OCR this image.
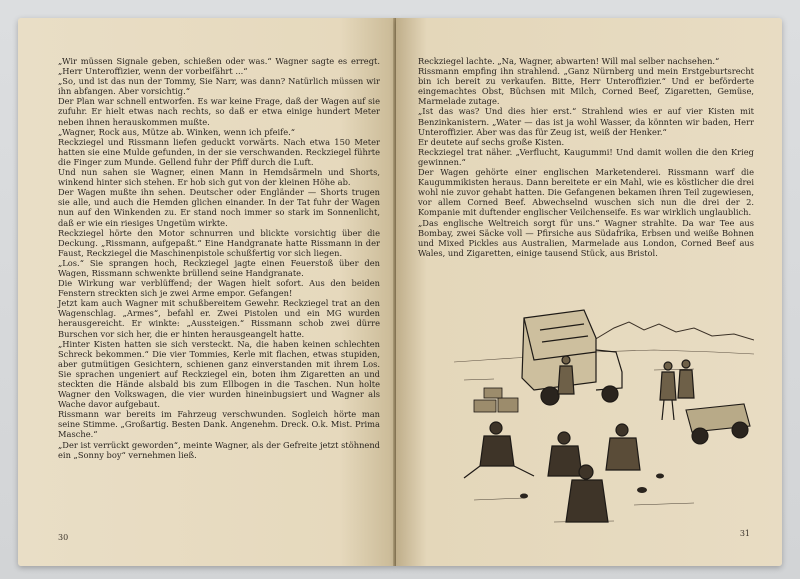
„Wir müssen Signale geben, schießen oder was.“ Wagner sagte es erregt. „Herr Unteroffizier, wenn der vorbeifährt ...“

„So, und ist das nun der Tommy, Sie Narr, was dann? Natürlich müssen wir ihn abfangen. Aber vorsichtig.“

Der Plan war schnell entworfen. Es war keine Frage, daß der Wagen auf sie zufuhr. Er hielt etwas nach rechts, so daß er etwa einige hundert Meter neben ihnen herauskommen mußte.

„Wagner, Rock aus, Mütze ab. Winken, wenn ich pfeife.“

Reckziegel und Rissmann liefen geduckt vorwärts. Nach etwa 150 Meter hatten sie eine Mulde gefunden, in der sie verschwanden. Reckziegel führte die Finger zum Munde. Gellend fuhr der Pfiff durch die Luft.

Und nun sahen sie Wagner, einen Mann in Hemdsärmeln und Shorts, winkend hinter sich stehen. Er hob sich gut von der kleinen Höhe ab.

Der Wagen mußte ihn sehen. Deutscher oder Engländer — Shorts trugen sie alle, und auch die Hemden glichen einander. In der Tat fuhr der Wagen nun auf den Winkenden zu. Er stand noch immer so stark im Sonnenlicht, daß er wie ein riesiges Ungetüm wirkte.

Reckziegel hörte den Motor schnurren und blickte vorsichtig über die Deckung. „Rissmann, aufgepaßt.“ Eine Handgranate hatte Rissmann in der Faust, Reckziegel die Maschinenpistole schußfertig vor sich liegen.

„Los.“ Sie sprangen hoch, Reckziegel jagte einen Feuerstoß über den Wagen, Rissmann schwenkte brüllend seine Handgranate.

Die Wirkung war verblüffend; der Wagen hielt sofort. Aus den beiden Fenstern streckten sich je zwei Arme empor. Gefangen!

Jetzt kam auch Wagner mit schußbereitem Gewehr. Reckziegel trat an den Wagenschlag. „Armes“, befahl er. Zwei Pistolen und ein MG wurden herausgereicht. Er winkte: „Aussteigen.“ Rissmann schob zwei dürre Burschen vor sich her, die er hinten herausgeangelt hatte.

„Hinter Kisten hatten sie sich versteckt. Na, die haben keinen schlechten Schreck bekommen.“ Die vier Tommies, Kerle mit flachen, etwas stupiden, aber gutmütigen Gesichtern, schienen ganz einverstanden mit ihrem Los. Sie sprachen ungeniert auf Reckziegel ein, boten ihm Zigaretten an und steckten die Hände alsbald bis zum Ellbogen in die Taschen. Nun holte Wagner den Volkswagen, die vier wurden hineinbugsiert und Wagner als Wache davor aufgebaut.

Rissmann war bereits im Fahrzeug verschwunden. Sogleich hörte man seine Stimme. „Großartig. Besten Dank. Angenehm. Dreck. O.k. Mist. Prima Masche.“

„Der ist verrückt geworden“, meinte Wagner, als der Gefreite jetzt stöhnend ein „Sonny boy“ vernehmen ließ.

30

Reckziegel lachte. „Na, Wagner, abwarten! Will mal selber nachsehen.“

Rissmann empfing ihn strahlend. „Ganz Nürnberg und mein Erstgeburtsrecht bin ich bereit zu verkaufen. Bitte, Herr Unteroffizier.“ Und er beförderte eingemachtes Obst, Büchsen mit Milch, Corned Beef, Zigaretten, Gemüse, Marmelade zutage.

„Ist das was? Und dies hier erst.“ Strahlend wies er auf vier Kisten mit Benzinkanistern. „Water — das ist ja wohl Wasser, da könnten wir baden, Herr Unteroffizier. Aber was das für Zeug ist, weiß der Henker.“

Er deutete auf sechs große Kisten.

Reckziegel trat näher. „Verflucht, Kaugummi! Und damit wollen die den Krieg gewinnen.“

Der Wagen gehörte einer englischen Marketenderei. Rissmann warf die Kaugummikisten heraus. Dann bereitete er ein Mahl, wie es köstlicher die drei wohl nie zuvor gehabt hatten. Die Gefangenen bekamen ihren Teil zugewiesen, vor allem Corned Beef. Abwechselnd wuschen sich nun die drei der 2. Kompanie mit duftender englischer Veilchenseife. Es war wirklich unglaublich.

„Das englische Weltreich sorgt für uns.“ Wagner strahlte. Da war Tee aus Bombay, zwei Säcke voll — Pfirsiche aus Südafrika, Erbsen und weiße Bohnen und Mixed Pickles aus Australien, Marmelade aus London, Corned Beef aus Wales, und Zigaretten, einige tausend Stück, aus Bristol.

31
